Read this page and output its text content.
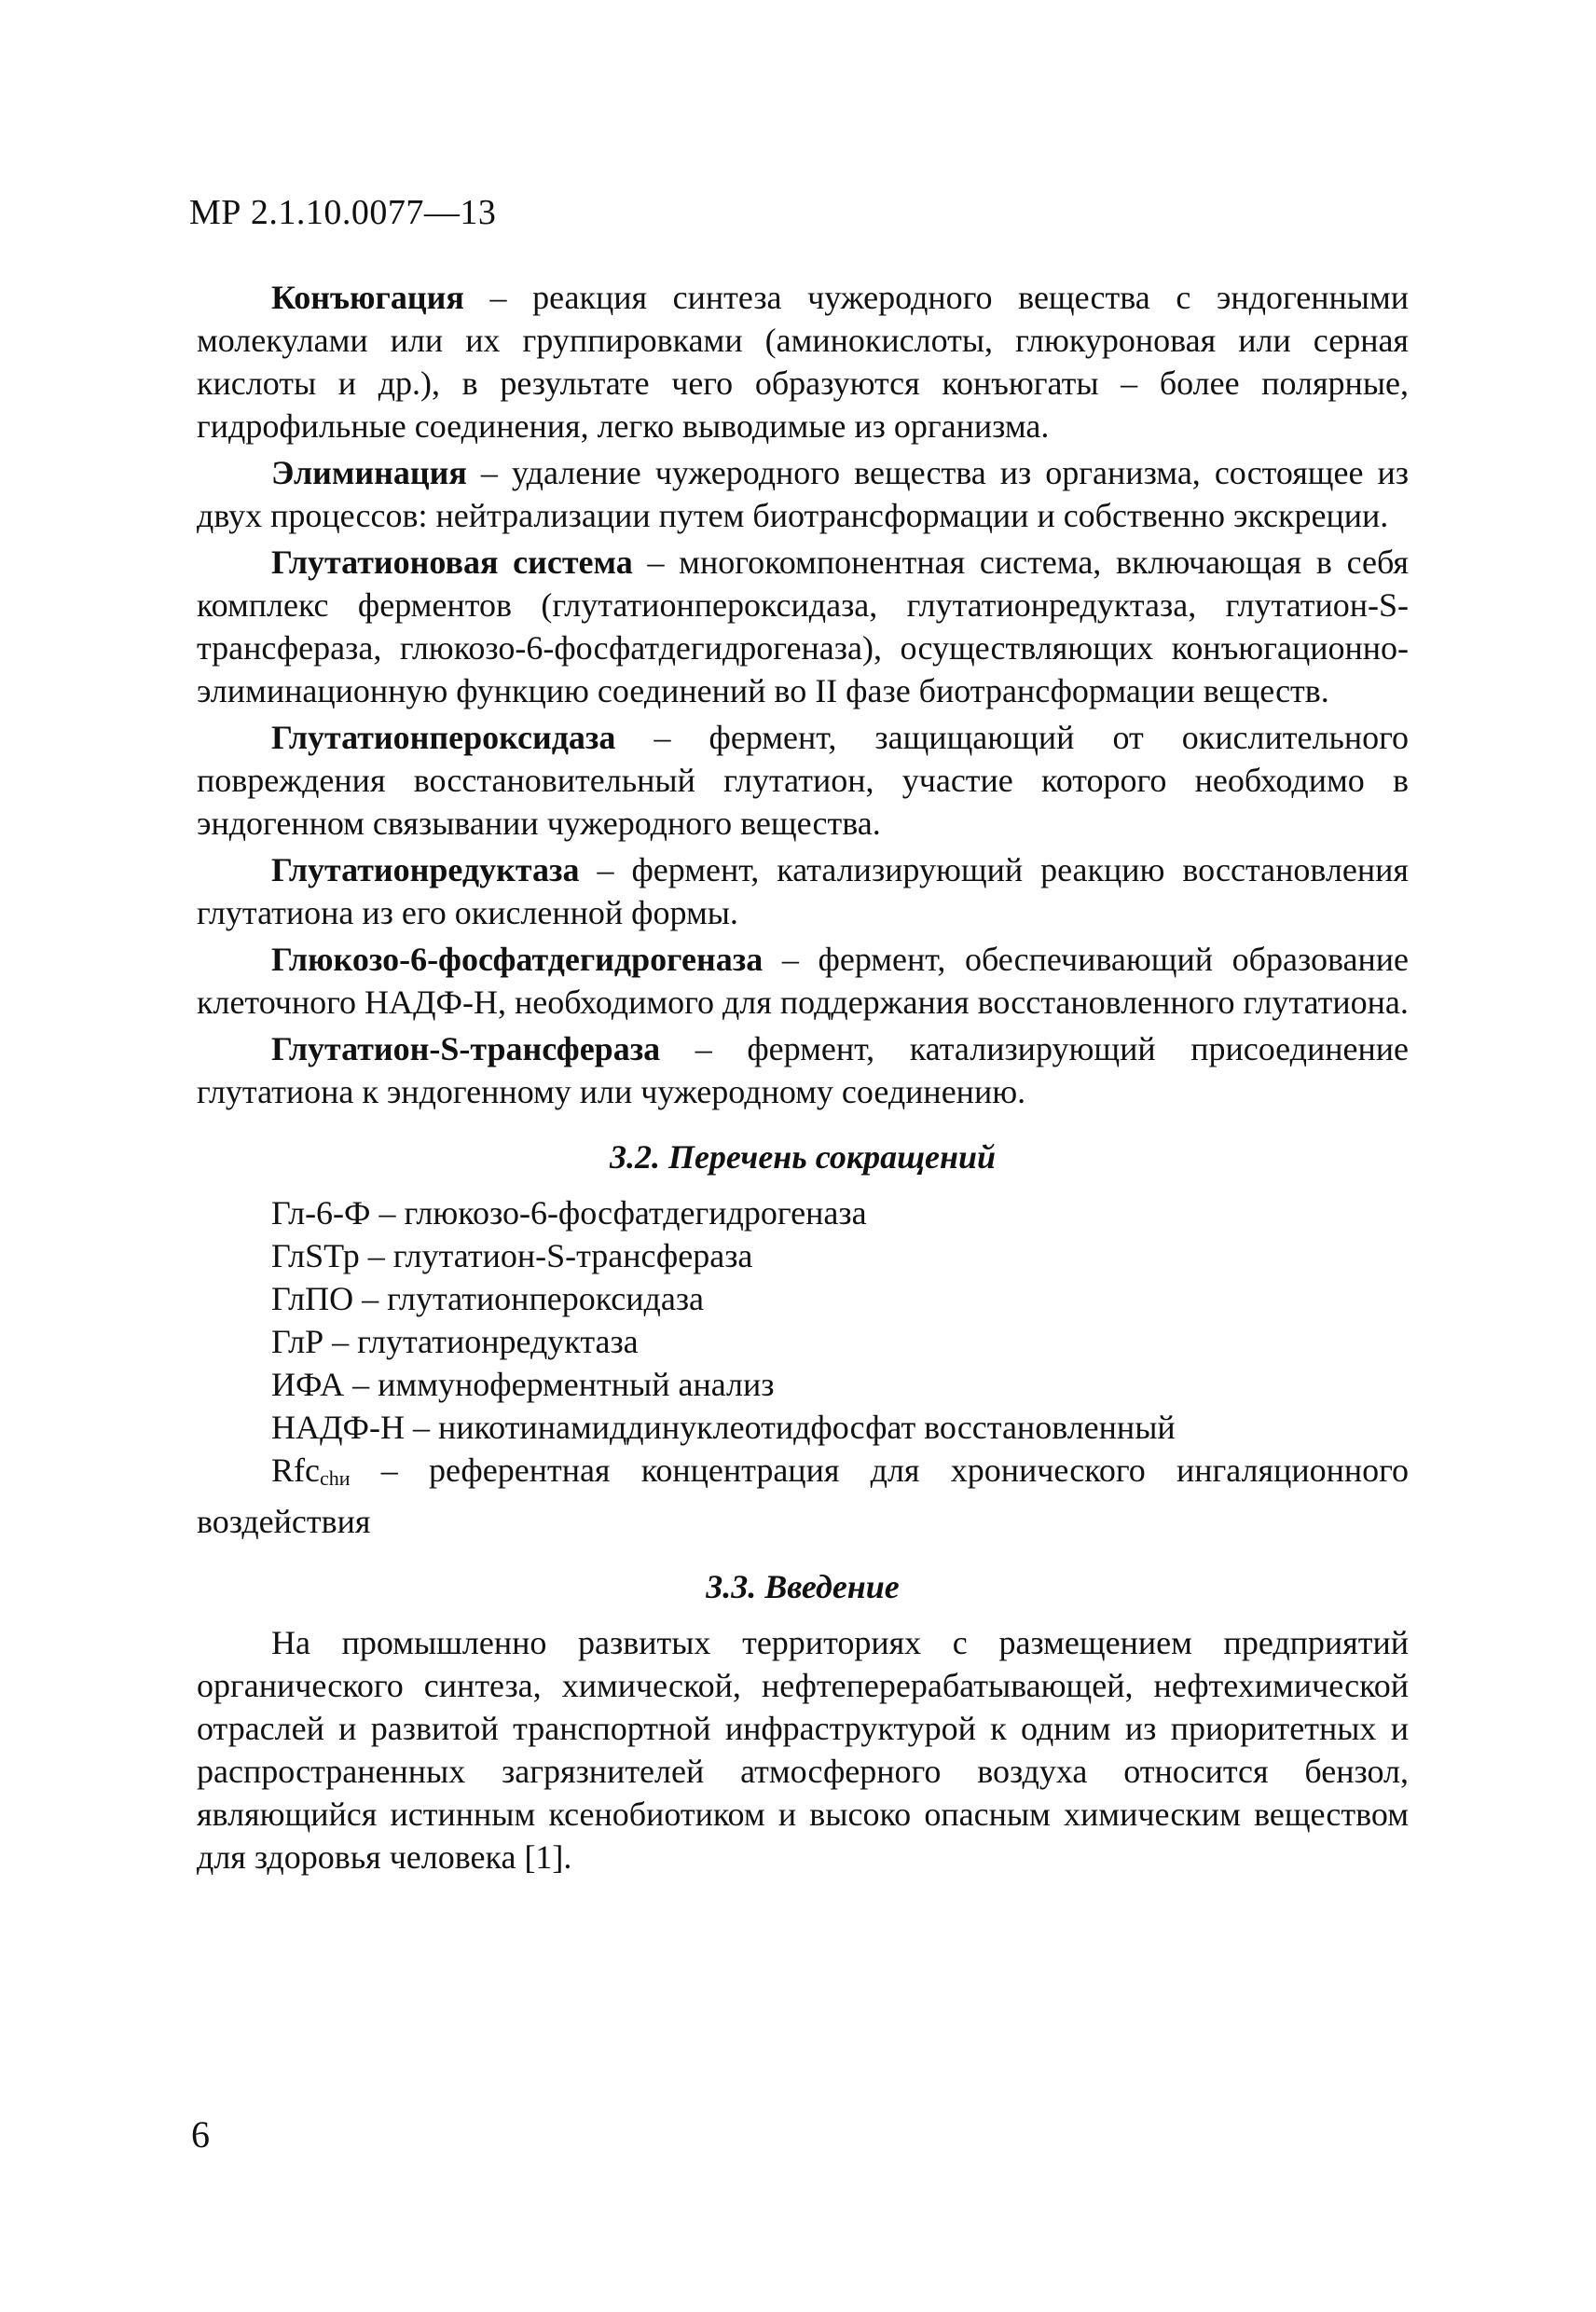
МР 2.1.10.0077—13

Конъюгация – реакция синтеза чужеродного вещества с эндогенными молекулами или их группировками (аминокислоты, глюкуроновая или серная кислоты и др.), в результате чего образуются конъюгаты – более полярные, гидрофильные соединения, легко выводимые из организма.

Элиминация – удаление чужеродного вещества из организма, состоящее из двух процессов: нейтрализации путем биотрансформации и собственно экскреции.

Глутатионовая система – многокомпонентная система, включающая в себя комплекс ферментов (глутатионпероксидаза, глутатионредуктаза, глутатион-S-трансфераза, глюкозо-6-фосфатдегидрогеназа), осуществляющих конъюгационно-элиминационную функцию соединений во II фазе биотрансформации веществ.

Глутатионпероксидаза – фермент, защищающий от окислительного повреждения восстановительный глутатион, участие которого необходимо в эндогенном связывании чужеродного вещества.

Глутатионредуктаза – фермент, катализирующий реакцию восстановления глутатиона из его окисленной формы.

Глюкозо-6-фосфатдегидрогеназа – фермент, обеспечивающий образование клеточного НАДФ-Н, необходимого для поддержания восстановленного глутатиона.

Глутатион-S-трансфераза – фермент, катализирующий присоединение глутатиона к эндогенному или чужеродному соединению.

3.2. Перечень сокращений

Гл-6-Ф – глюкозо-6-фосфатдегидрогеназа

ГлSТр – глутатион-S-трансфераза

ГлПО – глутатионпероксидаза

ГлР – глутатионредуктаза

ИФА – иммуноферментный анализ

НАДФ-Н – никотинамиддинуклеотидфосфат восстановленный

Rfcchи – референтная концентрация для хронического ингаляционного воздействия

3.3. Введение

На промышленно развитых территориях с размещением предприятий органического синтеза, химической, нефтеперерабатывающей, нефтехимической отраслей и развитой транспортной инфраструктурой к одним из приоритетных и распространенных загрязнителей атмосферного воздуха относится бензол, являющийся истинным ксенобиотиком и высоко опасным химическим веществом для здоровья человека [1].

6
